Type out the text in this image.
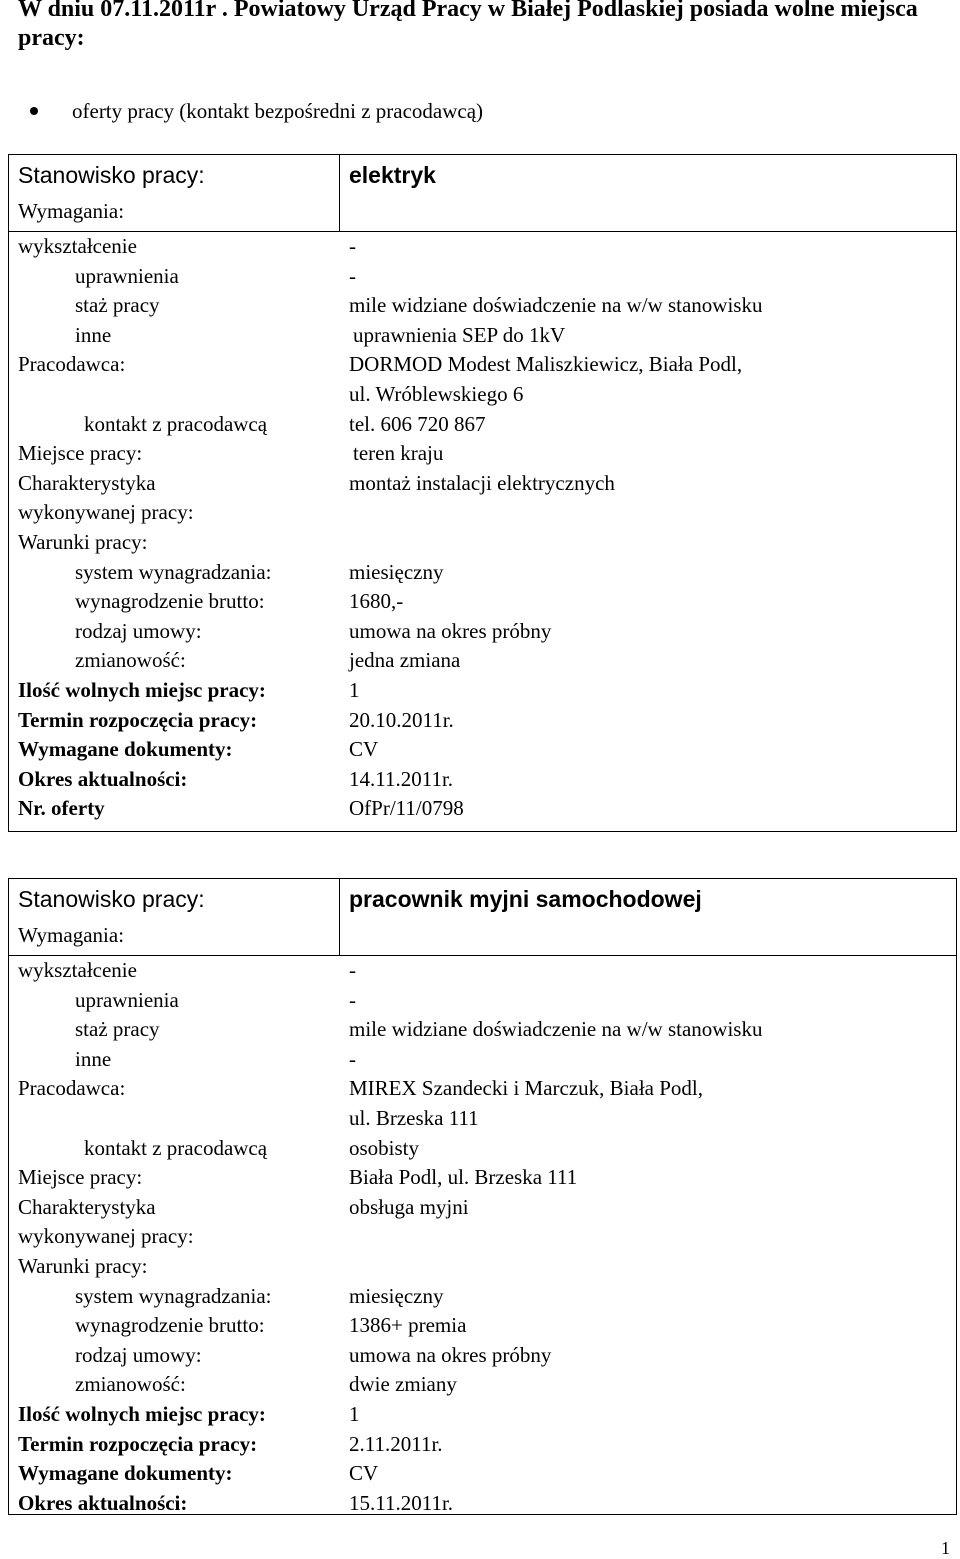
W dniu 07.11.2011r . Powiatowy Urząd Pracy w Białej Podlaskiej posiada wolne miejsca pracy:
oferty pracy (kontakt bezpośredni z pracodawcą)
Stanowisko pracy:	elektryk
Wymagania:
wykształcenie	-
uprawnienia	-
staż pracy	mile widziane doświadczenie na w/w stanowisku
inne	uprawnienia SEP do 1kV
Pracodawca:	DORMOD Modest Maliszkiewicz, Biała Podl,
ul. Wróblewskiego 6
kontakt z pracodawcą	tel. 606 720 867
Miejsce pracy:	teren kraju
Charakterystyka
wykonywanej pracy:
montaż instalacji elektrycznych
Warunki pracy:
system wynagradzania:	miesięczny
wynagrodzenie brutto:	1680,-
rodzaj umowy:	umowa na okres próbny
zmianowość:	jedna zmiana
Ilość wolnych miejsc pracy:	1
Termin rozpoczęcia pracy:	20.10.2011r.
Wymagane dokumenty:	CV
Okres aktualności:	14.11.2011r.
Nr. oferty	OfPr/11/0798
Stanowisko pracy:	pracownik myjni samochodowej
Wymagania:
wykształcenie	-
uprawnienia	-
staż pracy	mile widziane doświadczenie na w/w stanowisku
inne	-
Pracodawca:	MIREX Szandecki i Marczuk, Biała Podl,
ul. Brzeska 111
kontakt z pracodawcą	osobisty
Miejsce pracy:	Biała Podl, ul. Brzeska 111
Charakterystyka
wykonywanej pracy:
obsługa myjni
Warunki pracy:
system wynagradzania:	miesięczny
wynagrodzenie brutto:	1386+ premia
rodzaj umowy:	umowa na okres próbny
zmianowość:	dwie zmiany
Ilość wolnych miejsc pracy:	1
Termin rozpoczęcia pracy:	2.11.2011r.
Wymagane dokumenty:	CV
Okres aktualności:	15.11.2011r.
1
